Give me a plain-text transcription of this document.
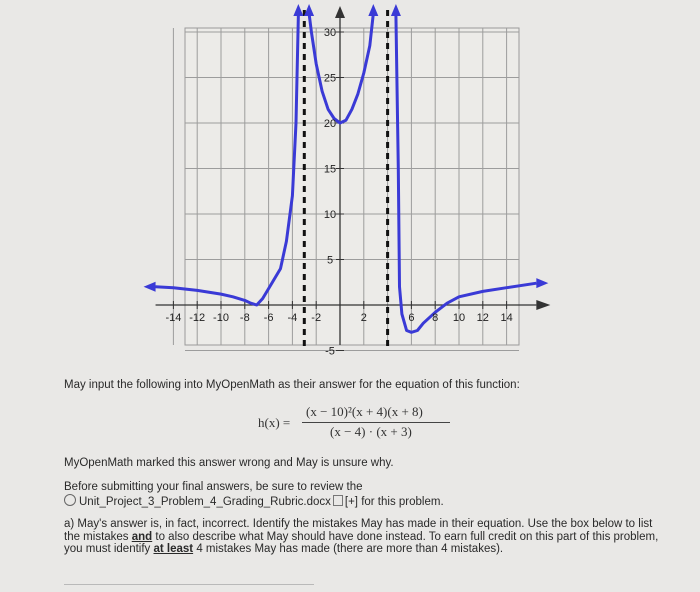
-14 -12 -10 -8 -6 -4 -2	2	6 8 10 12 14
-5
5
10
15
20
25
30
May input the following into MyOpenMath as their answer for the equation of this function:
h(x) =
(x − 10)²(x + 4)(x + 8)
(x − 4) · (x + 3)
MyOpenMath marked this answer wrong and May is unsure why.
Before submitting your final answers, be sure to review the
Unit_Project_3_Problem_4_Grading_Rubric.docx [+] for this problem.
a) May's answer is, in fact, incorrect. Identify the mistakes May has made in their equation. Use the box below to list the mistakes and to also describe what May should have done instead. To earn full credit on this part of this problem, you must identify at least 4 mistakes May has made (there are more than 4 mistakes).
